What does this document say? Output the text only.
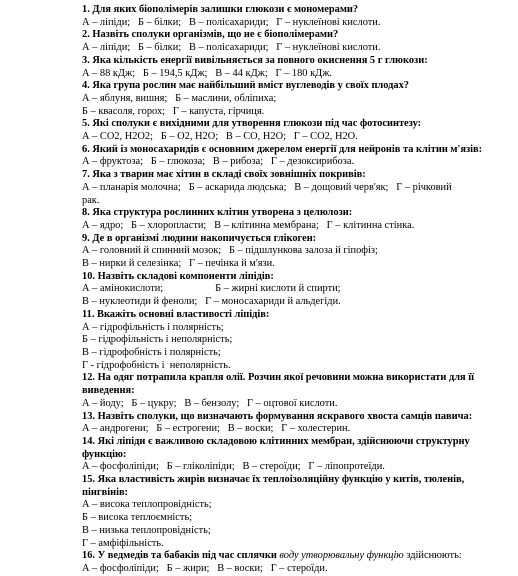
1. Для яких біополімерів залишки глюкози є мономерами?
А – ліпіди;   Б – білки;   В – полісахариди;   Г – нуклеїнові кислоти.
2. Назвіть сполуки організмів, що не є біополімерами?
А – ліпіди;   Б – білки;   В – полісахариди;   Г – нуклеїнові кислоти.
3. Яка кількість енергії вивільняється за повного окиснення 5 г глюкози:
А – 88 кДж;   Б – 194,5 кДж;   В – 44 кДж;   Г – 180 кДж.
4. Яка група рослин має найбільший вміст вуглеводів у своїх плодах?
А – яблуня, вишня;   Б – маслини, обліпиха;
Б – квасоля, горох;   Г – капуста, гірчиця.
5. Які сполуки є вихідними для утворення глюкози під час фотосинтезу:
А – СО2, Н2О2;   Б – О2, Н2О;   В – СО, Н2О;   Г – СО2, Н2О.
6. Який із моносахаридів є основним джерелом енергії для нейронів та клітин м'язів:
А – фруктоза;   Б – глюкоза;   В – рибоза;   Г – дезоксирибоза.
7. Яка з тварин має хітин в складі своїх зовнішніх покривів:
А – планарія молочна;   Б – аскарида людська;   В – дощовий черв'як;   Г – річковий
рак.
8. Яка структура рослинних клітин утворена з целюлози:
А – ядро;   Б – хлоропласти;   В – клітинна мембрана;   Г – клітинна стінка.
9. Де в організмі людини накопичується глікоген:
А – головний й спинний мозок;   Б – підшлункова залоза й гіпофіз;
В – нирки й селезінка;   Г – печінка й м'язи.
10. Назвіть складові компоненти ліпідів:
А – амінокислоти;                    Б – жирні кислоти й спирти;
В – нуклеотиди й феноли;   Г – моносахариди й альдегіди.
11. Вкажіть основні властивості ліпідів:
А – гідрофільність і полярність;
Б – гідрофільність і неполярність;
В – гідрофобність і полярність;
Г - гідрофобність і  неполярність.
12. На одяг потрапила крапля олії. Розчин якої речовини можна використати для її виведення:
А – йоду;   Б – цукру;   В – бензолу;   Г – оцтової кислоти.
13. Назвіть сполуки, що визначають формування яскравого хвоста самців павича:
А – андрогени;   Б – естрогени;   В – воски;   Г – холестерин.
14. Які ліпіди є важливою складовою клітинних мембран, здійснюючи структурну функцію:
А – фосфоліпіди;   Б – гліколіпіди;   В – стероїди;   Г – ліпопротеїди.
15. Яка властивість жирів визначає їх теплоізоляційну функцію у китів, тюленів, пінгвінів:
А – висока теплопровідність;
Б – висока теплоємність;
В – низька теплопровідність;
Г – амфіфільність.
16. У ведмедів та бабаків під час сплячки воду утворювальну функцію здійснюють:
А – фосфоліпіди;   Б – жири;   В – воски;   Г – стероїди.
